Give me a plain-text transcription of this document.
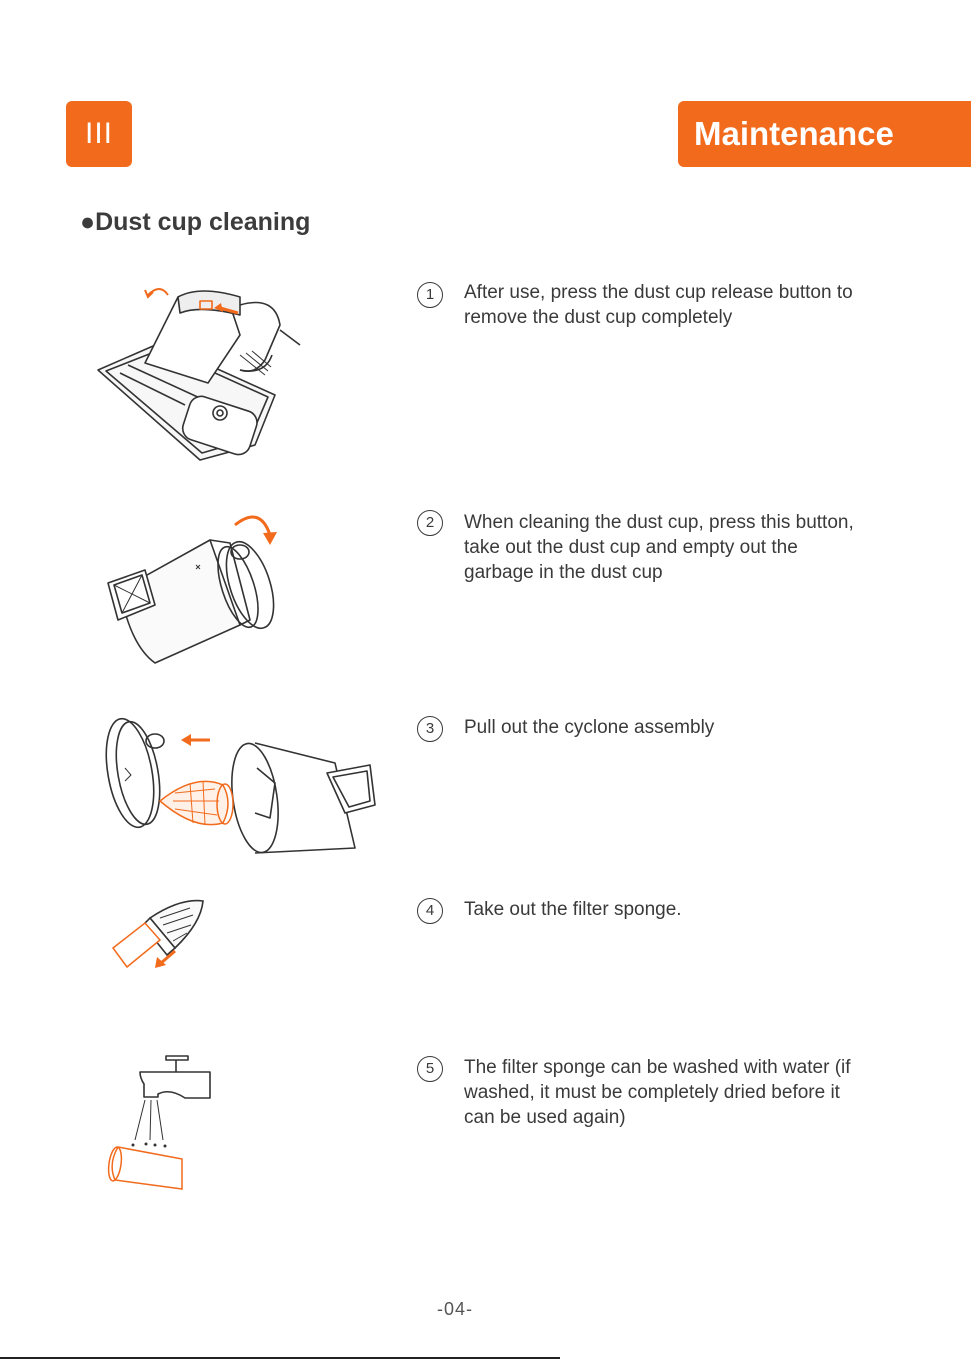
III	Maintenance
●Dust cup cleaning
1	After use, press the dust cup release button to remove the dust cup completely
2	When cleaning the dust cup, press this button, take out the dust cup and empty out the garbage in the dust cup
3	Pull out the cyclone assembly
4	Take out the filter sponge.
5	The filter sponge can be washed with water (if washed, it must be completely dried before it can be used again)
-04-
